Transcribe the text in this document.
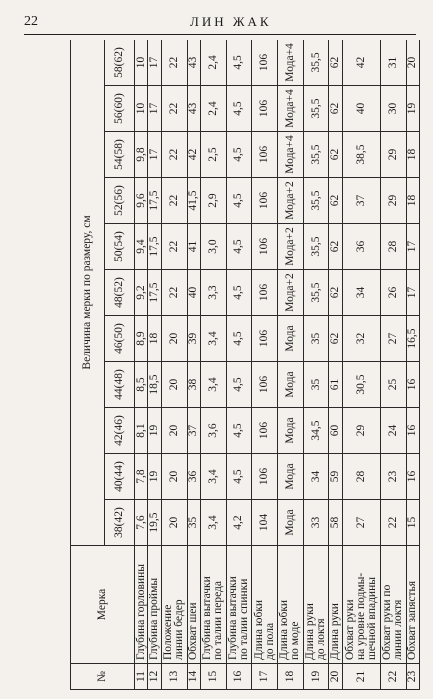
22	ЛИН ЖАК
№	Мерка	Величина мерки по размеру, см										
		38(42)	40(44)	42(46)	44(48)	46(50)	48(52)	50(54)	52(56)	54(58)	56(60)	58(62)
11	Глубина горловины	7,6	7,8	8,1	8,5	8,9	9,2	9,4	9,6	9,8	10	10

12	Глубина проймы	19,5	19	19	18,5	18	17,5	17,5	17,5	17	17	17

13	Положение линии бедер	20	20	20	20	20	22	22	22	22	22	22

14	Обхват шеи	35	36	37	38	39	40	41	41,5	42	43	43

15	Глубина вытачки по талии переда	3,4	3,4	3,6	3,4	3,4	3,3	3,0	2,9	2,5	2,4	2,4

16	Глубина вытачки по талии спинки	4,2	4,5	4,5	4,5	4,5	4,5	4,5	4,5	4,5	4,5	4,5

17	Длина юбки до пола	104	106	106	106	106	106	106	106	106	106	106

18	Длина юбки по моде	Мода	Мода	Мода	Мода	Мода	Мода+2	Мода+2	Мода+2	Мода+4	Мода+4	Мода+4

19	Длина руки до локтя	33	34	34,5	35	35	35,5	35,5	35,5	35,5	35,5	35,5

20	Длина руки	58	59	60	61	62	62	62	62	62	62	62

21	Обхват руки на уровне подмы- шечной впадины	27	28	29	30,5	32	34	36	37	38,5	40	42

22	Обхват руки по линии локтя	22	23	24	25	27	26	28	29	29	30	31

23	Обхват запястья	15	16	16	16	16,5	17	17	18	18	19	20
